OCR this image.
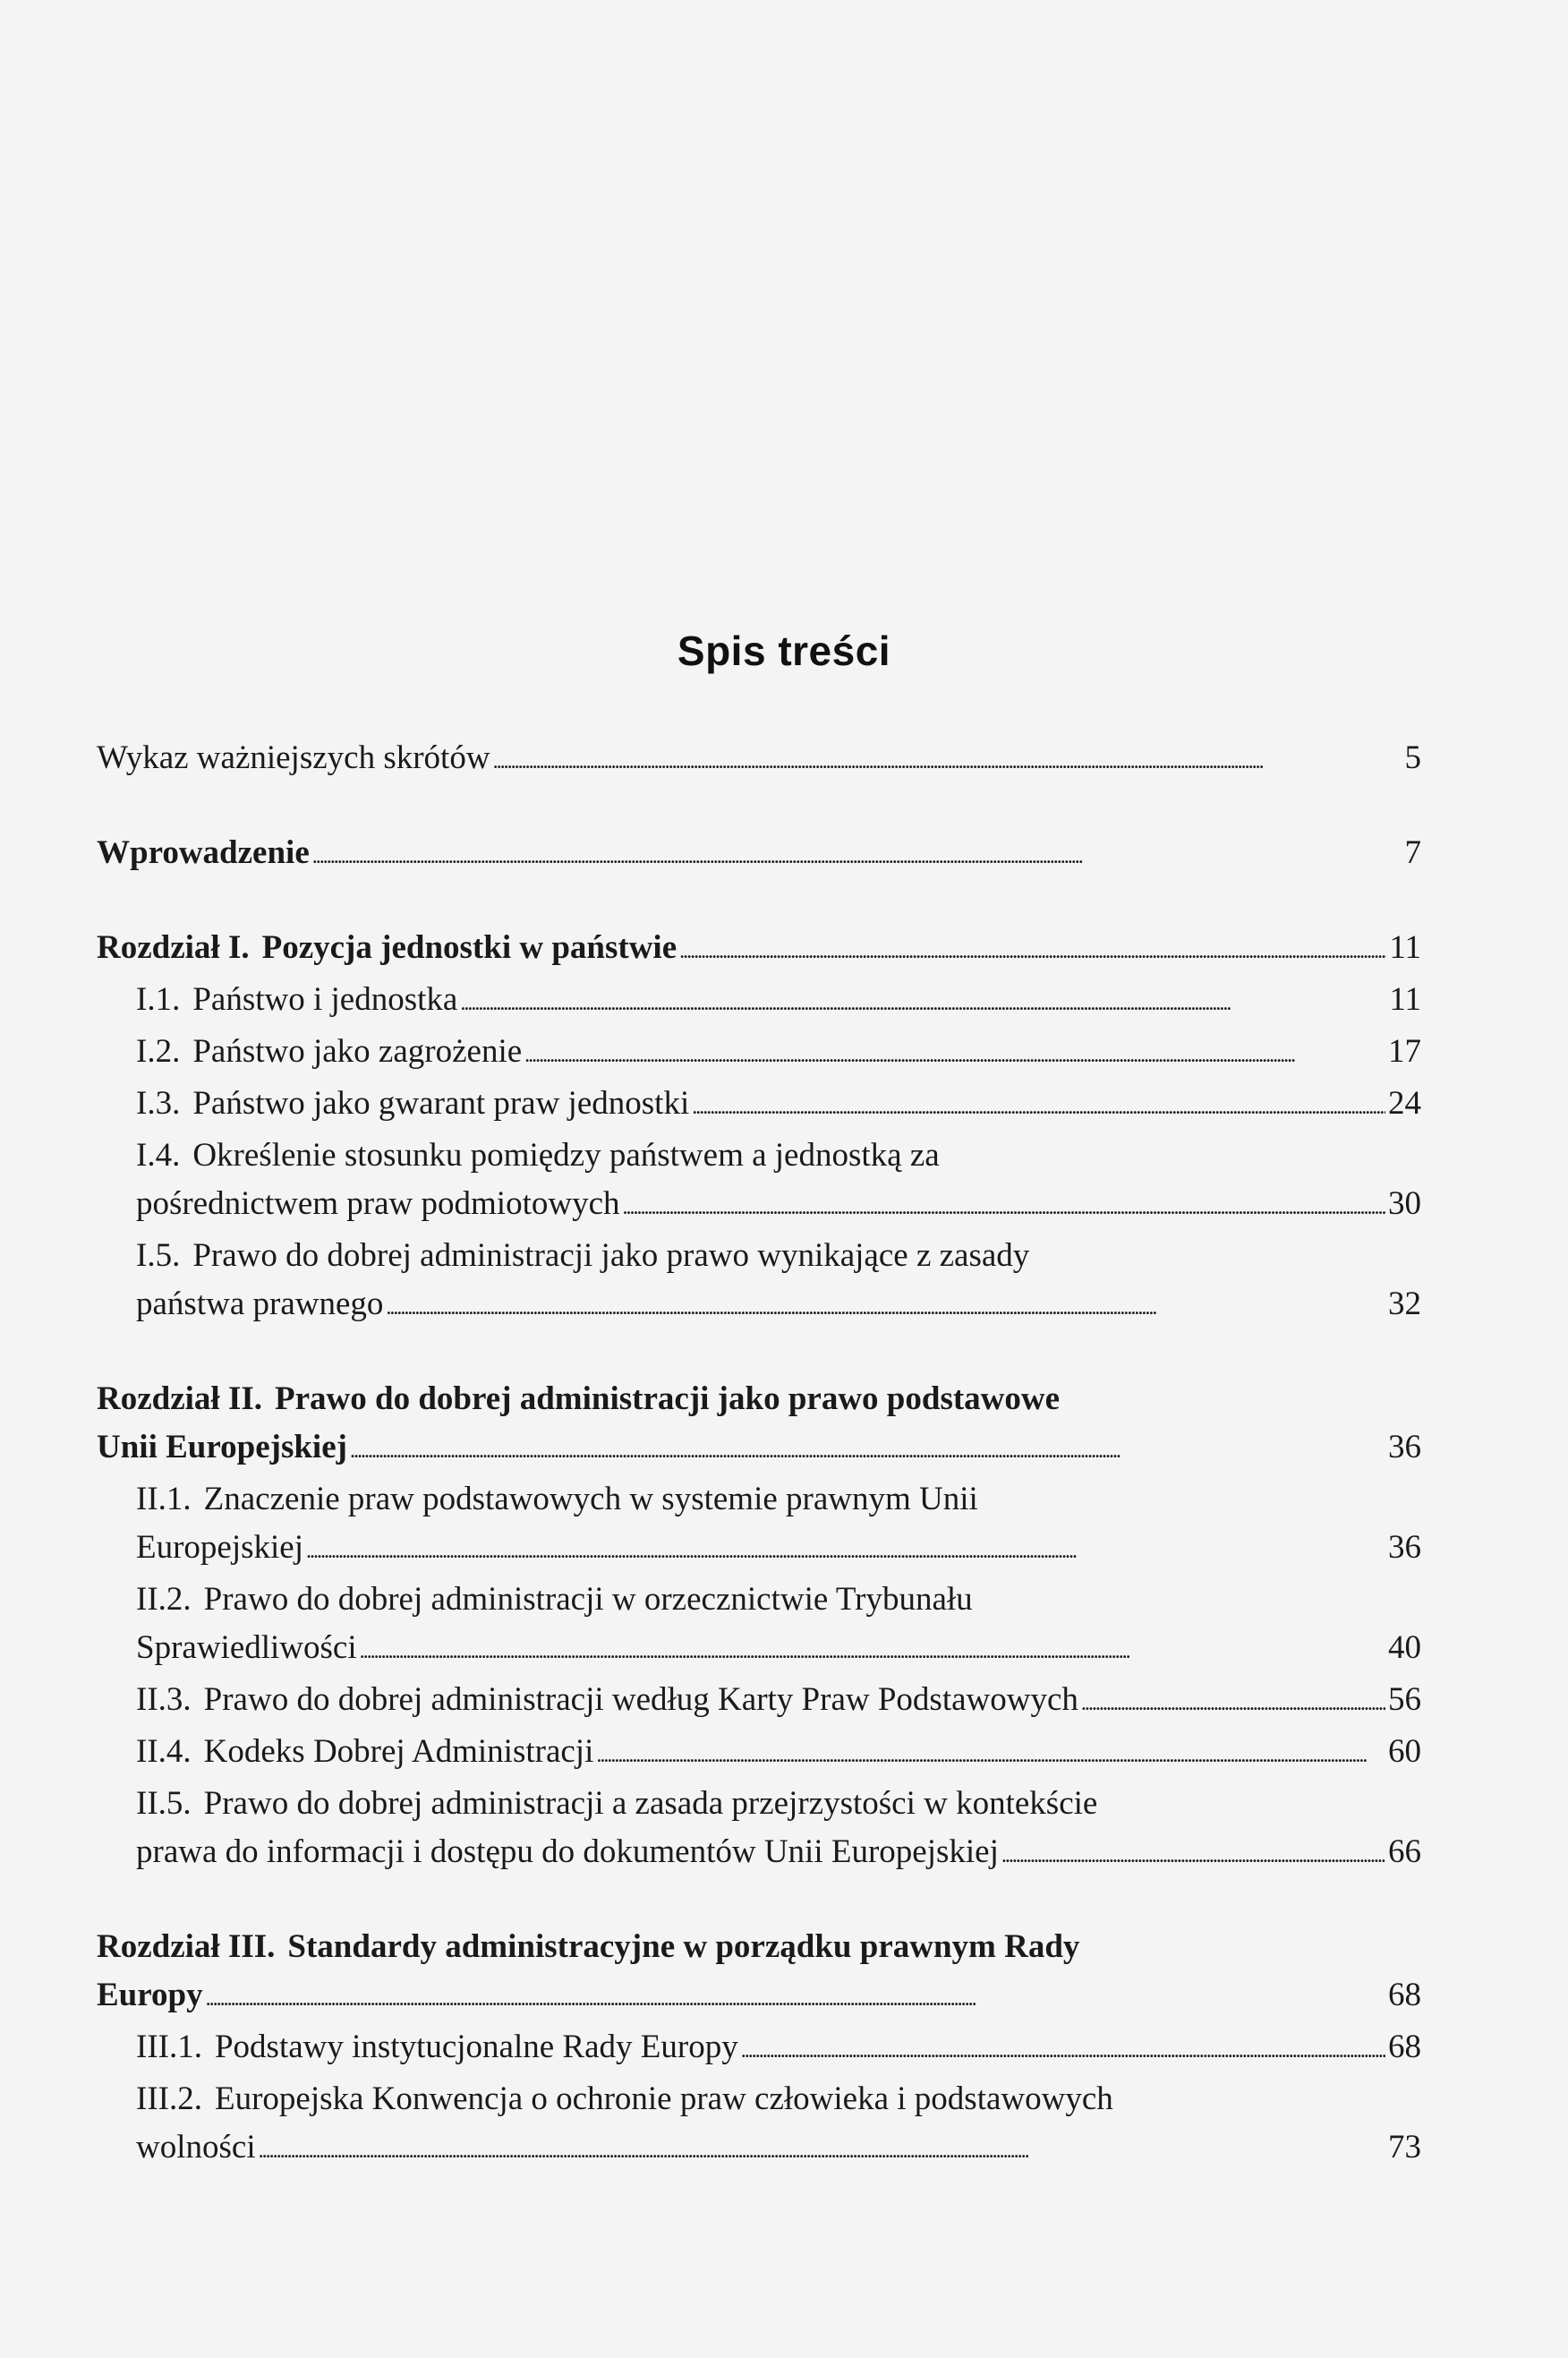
Spis treści
Wykaz ważniejszych skrótów . . .	5
Wprowadzenie . . .	7
Rozdział I. Pozycja jednostki w państwie . . .	11
I.1. Państwo i jednostka . . .	11
I.2. Państwo jako zagrożenie . . .	17
I.3. Państwo jako gwarant praw jednostki . . .	24
I.4. Określenie stosunku pomiędzy państwem a jednostką za
pośrednictwem praw podmiotowych . . .	30
I.5. Prawo do dobrej administracji jako prawo wynikające z zasady
państwa prawnego . . .	32
Rozdział II. Prawo do dobrej administracji jako prawo podstawowe
Unii Europejskiej . . .	36
II.1. Znaczenie praw podstawowych w systemie prawnym Unii
Europejskiej . . .	36
II.2. Prawo do dobrej administracji w orzecznictwie Trybunału
Sprawiedliwości . . .	40
II.3. Prawo do dobrej administracji według Karty Praw Podstawowych . . .	56
II.4. Kodeks Dobrej Administracji . . .	60
II.5. Prawo do dobrej administracji a zasada przejrzystości w kontekście
prawa do informacji i dostępu do dokumentów Unii Europejskiej . . .	66
Rozdział III. Standardy administracyjne w porządku prawnym Rady
Europy . . .	68
III.1. Podstawy instytucjonalne Rady Europy . . .	68
III.2. Europejska Konwencja o ochronie praw człowieka i podstawowych
wolności . . .	73
